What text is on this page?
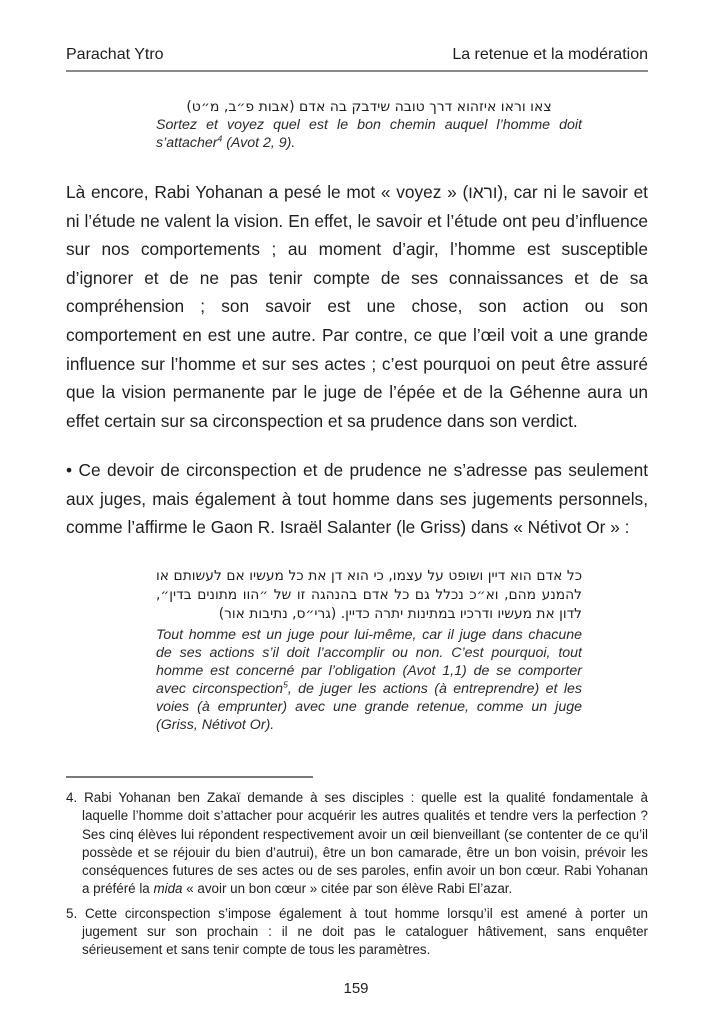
Parachat Ytro	La retenue et la modération
צאו וראו איזהוא דרך טובה שידבק בה אדם (אבות פ״ב, מ״ט)
Sortez et voyez quel est le bon chemin auquel l’homme doit s’attacher$^4$ (Avot 2, 9).
Là encore, Rabi Yohanan a pesé le mot « voyez » (וראו), car ni le savoir et ni l’étude ne valent la vision. En effet, le savoir et l’étude ont peu d’influence sur nos comportements ; au moment d’agir, l’homme est susceptible d’ignorer et de ne pas tenir compte de ses connaissances et de sa compréhension ; son savoir est une chose, son action ou son comportement en est une autre. Par contre, ce que l’œil voit a une grande influence sur l’homme et sur ses actes ; c’est pourquoi on peut être assuré que la vision permanente par le juge de l’épée et de la Géhenne aura un effet certain sur sa circonspection et sa prudence dans son verdict.
• Ce devoir de circonspection et de prudence ne s’adresse pas seulement aux juges, mais également à tout homme dans ses jugements personnels, comme l’affirme le Gaon R. Israël Salanter (le Griss) dans « Nétivot Or » :
כל אדם הוא דיין ושופט על עצמו, כי הוא דן את כל מעשיו אם לעשותם או להמנע מהם, וא״כ נכלל גם כל אדם בהנהגה זו של ״הוו מתונים בדין״, לדון את מעשיו ודרכיו במתינות יתרה כדיין. (גרי״ס, נתיבות אור)
Tout homme est un juge pour lui-même, car il juge dans chacune de ses actions s’il doit l’accomplir ou non. C’est pourquoi, tout homme est concerné par l’obligation (Avot 1,1) de se comporter avec circonspection$^5$, de juger les actions (à entreprendre) et les voies (à emprunter) avec une grande retenue, comme un juge (Griss, Nétivot Or).
4. Rabi Yohanan ben Zakaï demande à ses disciples : quelle est la qualité fondamentale à laquelle l’homme doit s’attacher pour acquérir les autres qualités et tendre vers la perfection ? Ses cinq élèves lui répondent respectivement avoir un œil bienveillant (se contenter de ce qu’il possède et se réjouir du bien d’autrui), être un bon camarade, être un bon voisin, prévoir les conséquences futures de ses actes ou de ses paroles, enfin avoir un bon cœur. Rabi Yohanan a préféré la mida « avoir un bon cœur » citée par son élève Rabi El’azar.
5. Cette circonspection s’impose également à tout homme lorsqu’il est amené à porter un jugement sur son prochain : il ne doit pas le cataloguer hâtivement, sans enquêter sérieusement et sans tenir compte de tous les paramètres.
159
